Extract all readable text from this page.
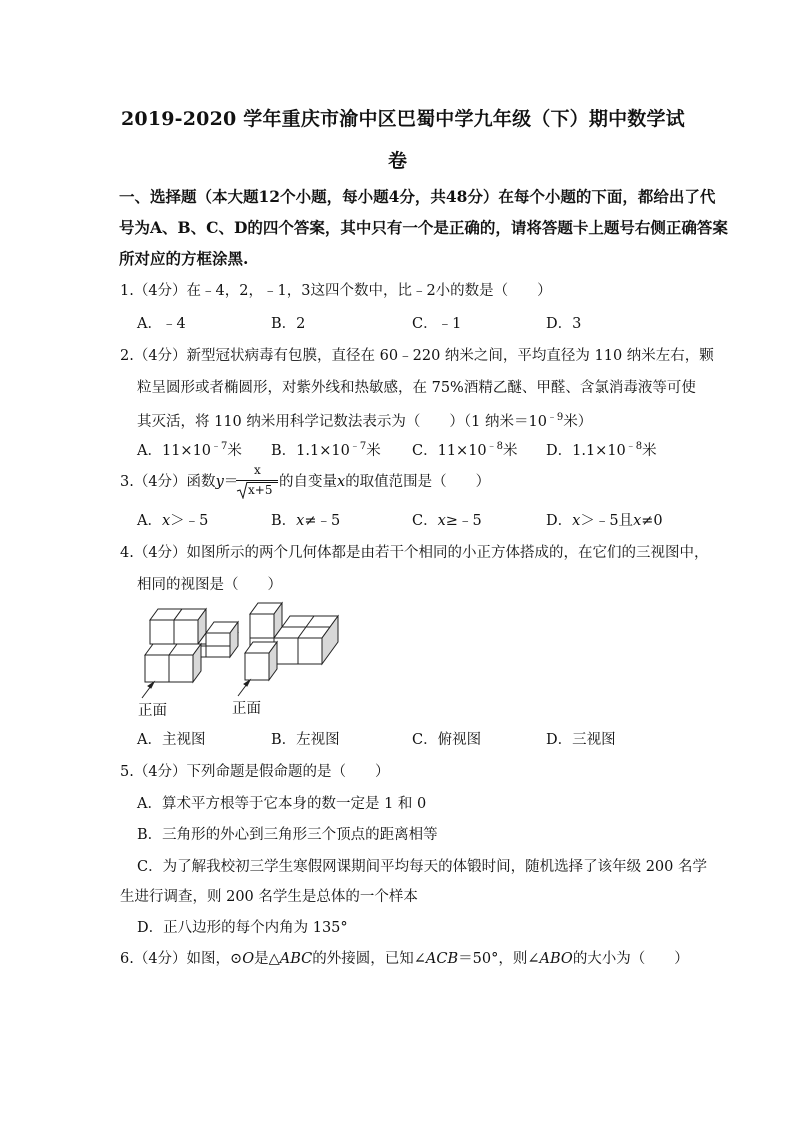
2019-2020 学年重庆市渝中区巴蜀中学九年级（下）期中数学试
卷
一、选择题（本大题12个小题，每小题4分，共48分）在每个小题的下面，都给出了代
号为A、B、C、D的四个答案，其中只有一个是正确的，请将答题卡上题号右侧正确答案
所对应的方框涂黑.
1.（4分）在﹣4，2，﹣1，3这四个数中，比﹣2小的数是（　　）
A．﹣4	B．2	C．﹣1	D．3
2.（4分）新型冠状病毒有包膜，直径在 60﹣220 纳米之间，平均直径为 110 纳米左右，颗
粒呈圆形或者椭圆形，对紫外线和热敏感，在 75%酒精乙醚、甲醛、含氯消毒液等可使
其灭活，将 110 纳米用科学记数法表示为（　　）（1 纳米$=10^{﹣9}$米）
A．$11\times 10^{﹣7}$米 B．$1.1\times 10^{﹣7}$米 C．$11\times 10^{﹣8}$米 D．$1.1\times 10^{﹣8}$米
3.（4分）函数y＝
x
x+5 的自变量x的取值范围是（　　）
A．x＞﹣5	B．x≠﹣5	C．x≥﹣5	D．x＞﹣5且x≠0
4.（4分）如图所示的两个几何体都是由若干个相同的小正方体搭成的，在它们的三视图中，
相同的视图是（　　）
正面	正面
A．主视图	B．左视图	C．俯视图	D．三视图
5.（4分）下列命题是假命题的是（　　）
A．算术平方根等于它本身的数一定是 1 和 0
B．三角形的外心到三角形三个顶点的距离相等
C．为了解我校初三学生寒假网课期间平均每天的体锻时间，随机选择了该年级 200 名学
生进行调查，则 200 名学生是总体的一个样本
D．正八边形的每个内角为 135°
6.（4分）如图，⊙O是△ABC的外接圆，已知∠ACB＝50°，则∠ABO的大小为（　　）
